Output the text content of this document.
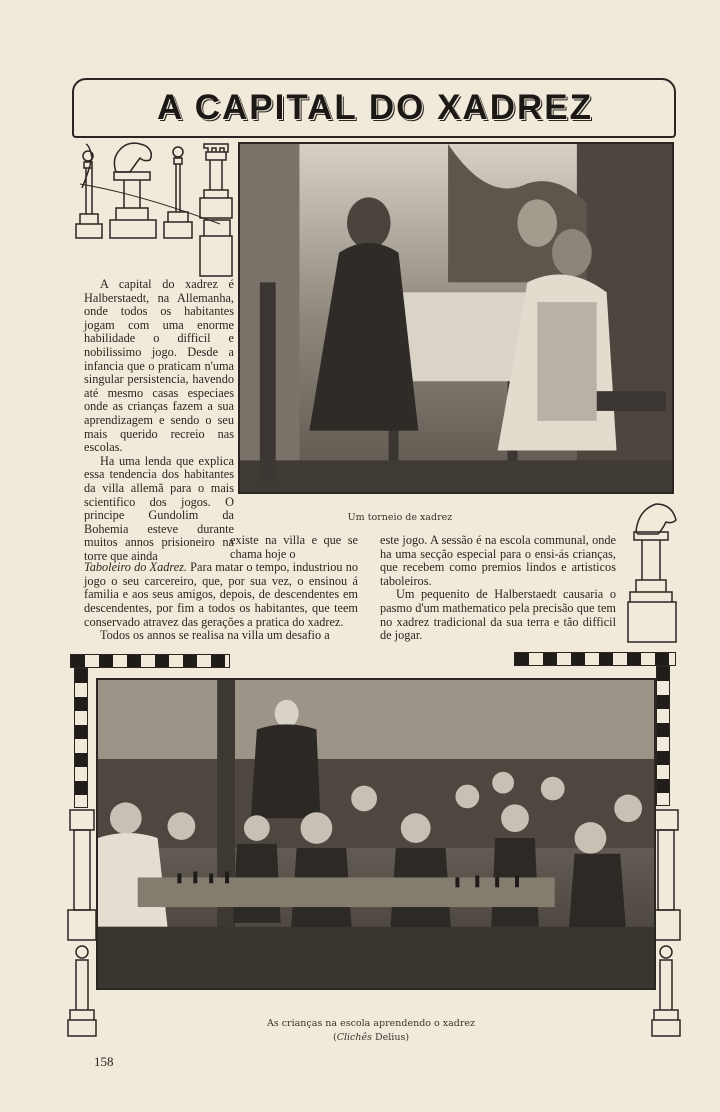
A CAPITAL DO XADREZ
Um torneio de xadrez

A capital do xadrez é Halberstaedt, na Allemanha, onde todos os habitantes jogam com uma enorme habilidade o difficil e nobilissimo jogo. Desde a infancia que o praticam n'uma singular persistencia, havendo até mesmo casas especiaes onde as crianças fazem a sua aprendizagem e sendo o seu mais querido recreio nas escolas.

Ha uma lenda que explica essa tendencia dos habitantes da villa allemã para o mais scientifico dos jogos. O principe Gundolim da Bohemia esteve durante muitos annos prisioneiro na torre que ainda

existe na villa e que se chama hoje o

Taboleiro do Xadrez. Para matar o tempo, industriou no jogo o seu carcereiro, que, por sua vez, o ensinou á familia e aos seus amigos, depois, de descendentes em descendentes, por fim a todos os habitantes, que teem conservado atravez das gerações a pratica do xadrez.

Todos os annos se realisa na villa um desafio a

este jogo. A sessão é na escola communal, onde ha uma secção especial para o ensi-ás crianças, que recebem como premios lindos e artisticos taboleiros.

Um pequenito de Halberstaedt causaria o pasmo d'um mathematico pela precisão que tem no xadrez tradicional da sua terra e tão difficil de jogar.

As crianças na escola aprendendo o xadrez
(Clichês Delius)
158
